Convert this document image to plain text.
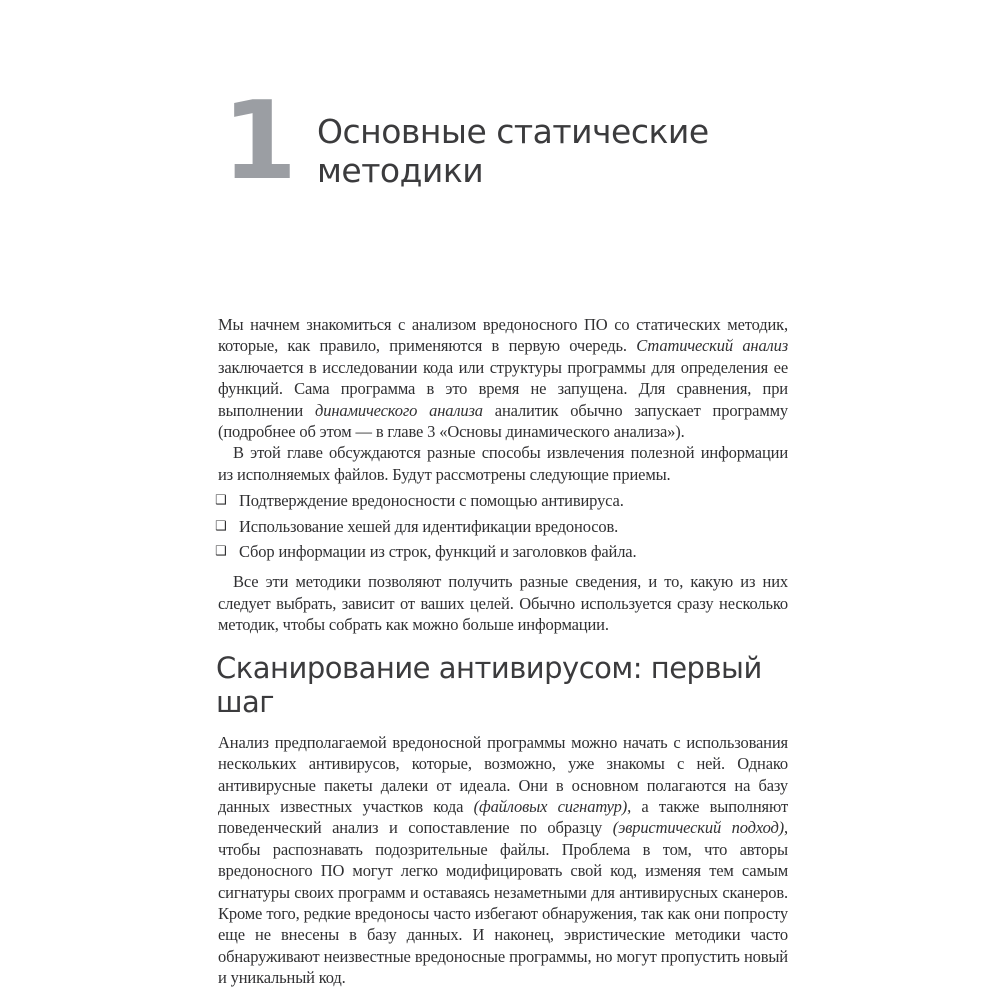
1 Основные статические
методики

Мы начнем знакомиться с анализом вредоносного ПО со статических методик, которые, как правило, применяются в первую очередь. Статический анализ заключается в исследовании кода или структуры программы для определения ее функций. Сама программа в это время не запущена. Для сравнения, при выполнении динамического анализа аналитик обычно запускает программу (подробнее об этом — в главе 3 «Основы динамического анализа»).

В этой главе обсуждаются разные способы извлечения полезной информации из исполняемых файлов. Будут рассмотрены следующие приемы.

❑ Подтверждение вредоносности с помощью антивируса.
❑ Использование хешей для идентификации вредоносов.
❑ Сбор информации из строк, функций и заголовков файла.

Все эти методики позволяют получить разные сведения, и то, какую из них следует выбрать, зависит от ваших целей. Обычно используется сразу несколько методик, чтобы собрать как можно больше информации.

Сканирование антивирусом: первый шаг

Анализ предполагаемой вредоносной программы можно начать с использования нескольких антивирусов, которые, возможно, уже знакомы с ней. Однако антивирусные пакеты далеки от идеала. Они в основном полагаются на базу данных известных участков кода (файловых сигнатур), а также выполняют поведенческий анализ и сопоставление по образцу (эвристический подход), чтобы распознавать подозрительные файлы. Проблема в том, что авторы вредоносного ПО могут легко модифицировать свой код, изменяя тем самым сигнатуры своих программ и оставаясь незаметными для антивирусных сканеров. Кроме того, редкие вредоносы часто избегают обнаружения, так как они попросту еще не внесены в базу данных. И наконец, эвристические методики часто обнаруживают неизвестные вредоносные программы, но могут пропустить новый и уникальный код.
